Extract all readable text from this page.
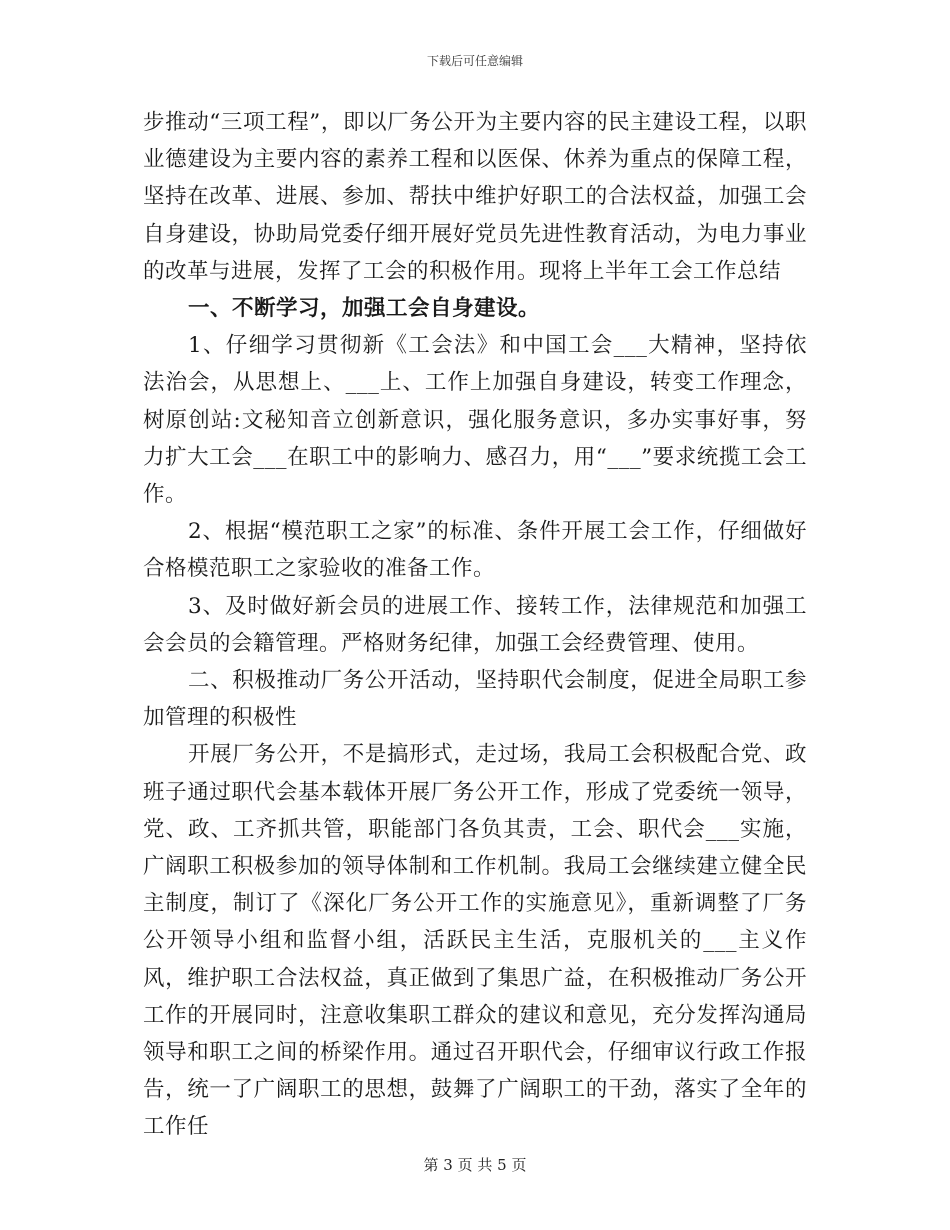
下载后可任意编辑

步推动“三项工程”，即以厂务公开为主要内容的民主建设工程，以职业德建设为主要内容的素养工程和以医保、休养为重点的保障工程，坚持在改革、进展、参加、帮扶中维护好职工的合法权益，加强工会自身建设，协助局党委仔细开展好党员先进性教育活动，为电力事业的改革与进展，发挥了工会的积极作用。现将上半年工会工作总结

一、不断学习，加强工会自身建设。

1、仔细学习贯彻新《工会法》和中国工会___大精神，坚持依法治会，从思想上、___上、工作上加强自身建设，转变工作理念，树原创站:文秘知音立创新意识，强化服务意识，多办实事好事，努力扩大工会___在职工中的影响力、感召力，用“___”要求统揽工会工作。

2、根据“模范职工之家”的标准、条件开展工会工作，仔细做好合格模范职工之家验收的准备工作。

3、及时做好新会员的进展工作、接转工作，法律规范和加强工会会员的会籍管理。严格财务纪律，加强工会经费管理、使用。

二、积极推动厂务公开活动，坚持职代会制度，促进全局职工参加管理的积极性

开展厂务公开，不是搞形式，走过场，我局工会积极配合党、政班子通过职代会基本载体开展厂务公开工作，形成了党委统一领导，党、政、工齐抓共管，职能部门各负其责，工会、职代会___实施，广阔职工积极参加的领导体制和工作机制。我局工会继续建立健全民主制度，制订了《深化厂务公开工作的实施意见》，重新调整了厂务公开领导小组和监督小组，活跃民主生活，克服机关的___主义作风，维护职工合法权益，真正做到了集思广益，在积极推动厂务公开工作的开展同时，注意收集职工群众的建议和意见，充分发挥沟通局领导和职工之间的桥梁作用。通过召开职代会，仔细审议行政工作报告，统一了广阔职工的思想，鼓舞了广阔职工的干劲，落实了全年的工作任

第 3 页 共 5 页
